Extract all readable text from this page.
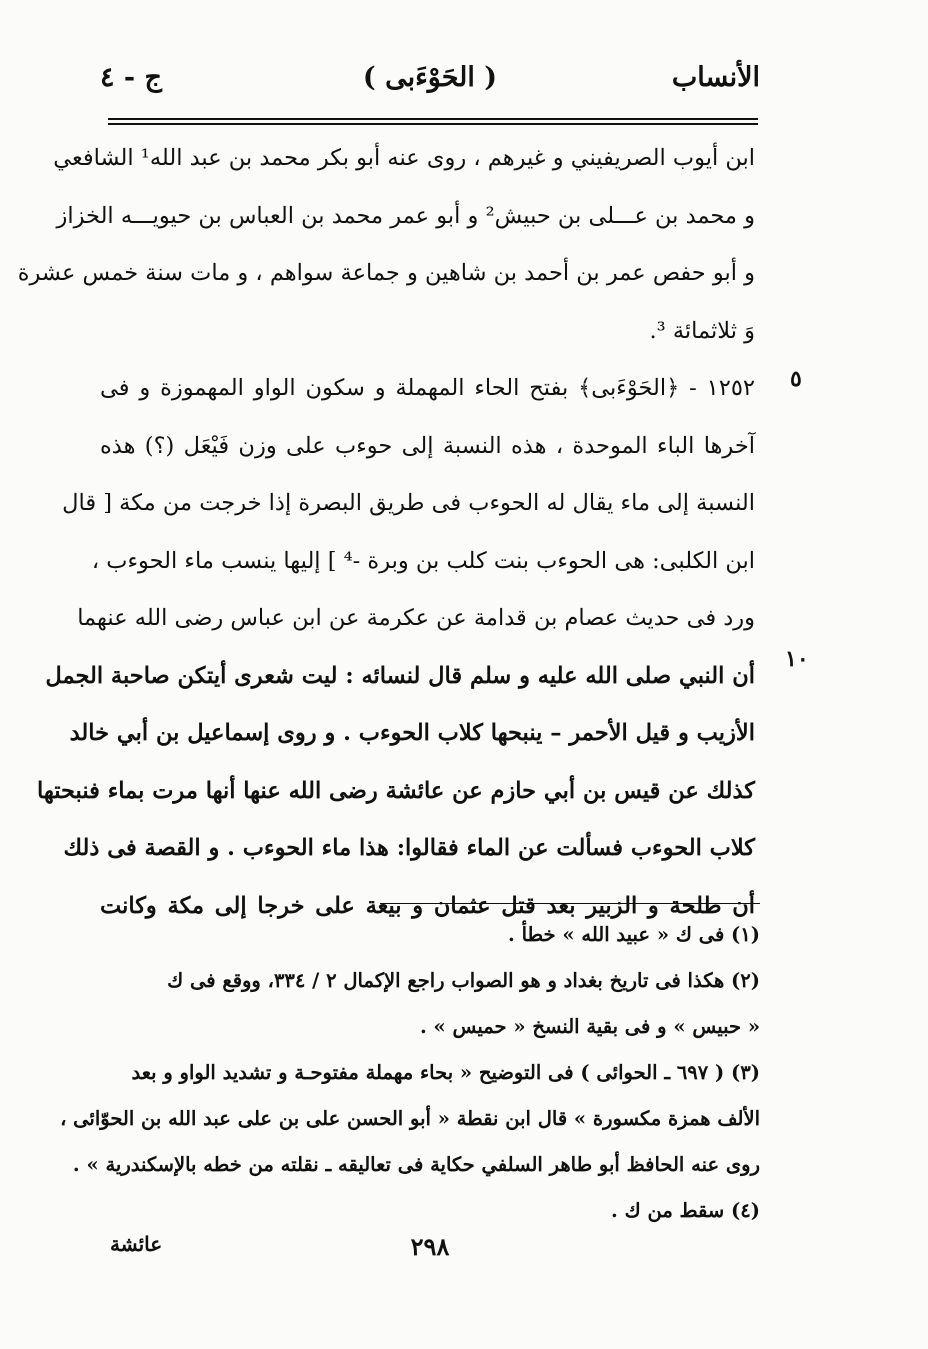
الأنساب
( الحَوْءَبى )
ج - ٤
ابن أيوب الصريفيني و غيرهم ، روى عنه أبو بكر محمد بن عبد الله¹ الشافعي
و محمد بن عـــلى بن حبيش² و أبو عمر محمد بن العباس بن حيويـــه الخزاز
و أبو حفص عمر بن أحمد بن شاهين و جماعة سواهم ، و مات سنة خمس عشرة
وَ ثلاثمائة ³.
١٢٥٢ - ﴿الحَوْءَبى﴾ بفتح الحاء المهملة و سكون الواو المهموزة و فى
آخرها الباء الموحدة ، هذه النسبة إلى حوءب على وزن فَيْعَل (؟) هذه
النسبة إلى ماء يقال له الحوءب فى طريق البصرة إذا خرجت من مكة [ قال
ابن الكلبى: هى الحوءب بنت كلب بن وبرة -⁴ ] إليها ينسب ماء الحوءب ،
ورد فى حديث عصام بن قدامة عن عكرمة عن ابن عباس رضى الله عنهما
أن النبي صلى الله عليه و سلم قال لنسائه : ليت شعرى أيتكن صاحبة الجمل
الأزيب و قيل الأحمر – ينبحها كلاب الحوءب . و روى إسماعيل بن أبي خالد
كذلك عن قيس بن أبي حازم عن عائشة رضى الله عنها أنها مرت بماء فنبحتها
كلاب الحوءب فسألت عن الماء فقالوا: هذا ماء الحوءب . و القصة فى ذلك
أن طلحة و الزبير بعد قتل عثمان و بيعة على خرجا إلى مكة وكانت
٥
١٠
(١) فى ك « عبيد الله » خطأ .
(٢) هكذا فى تاريخ بغداد و هو الصواب راجع الإكمال ٢ / ٣٣٤، ووقع فى ك
« حبيس » و فى بقية النسخ « حميس » .
(٣) ( ٦٩٧ ـ الحوائى ) فى التوضيح « بحاء مهملة مفتوحـة و تشديد الواو و بعد
الألف همزة مكسورة » قال ابن نقطة « أبو الحسن على بن على عبد الله بن الحوّائى ،
روى عنه الحافظ أبو طاهر السلفي حكاية فى تعاليقه ـ نقلته من خطه بالإسكندرية » .
(٤) سقط من ك .
٢٩٨
عائشة
